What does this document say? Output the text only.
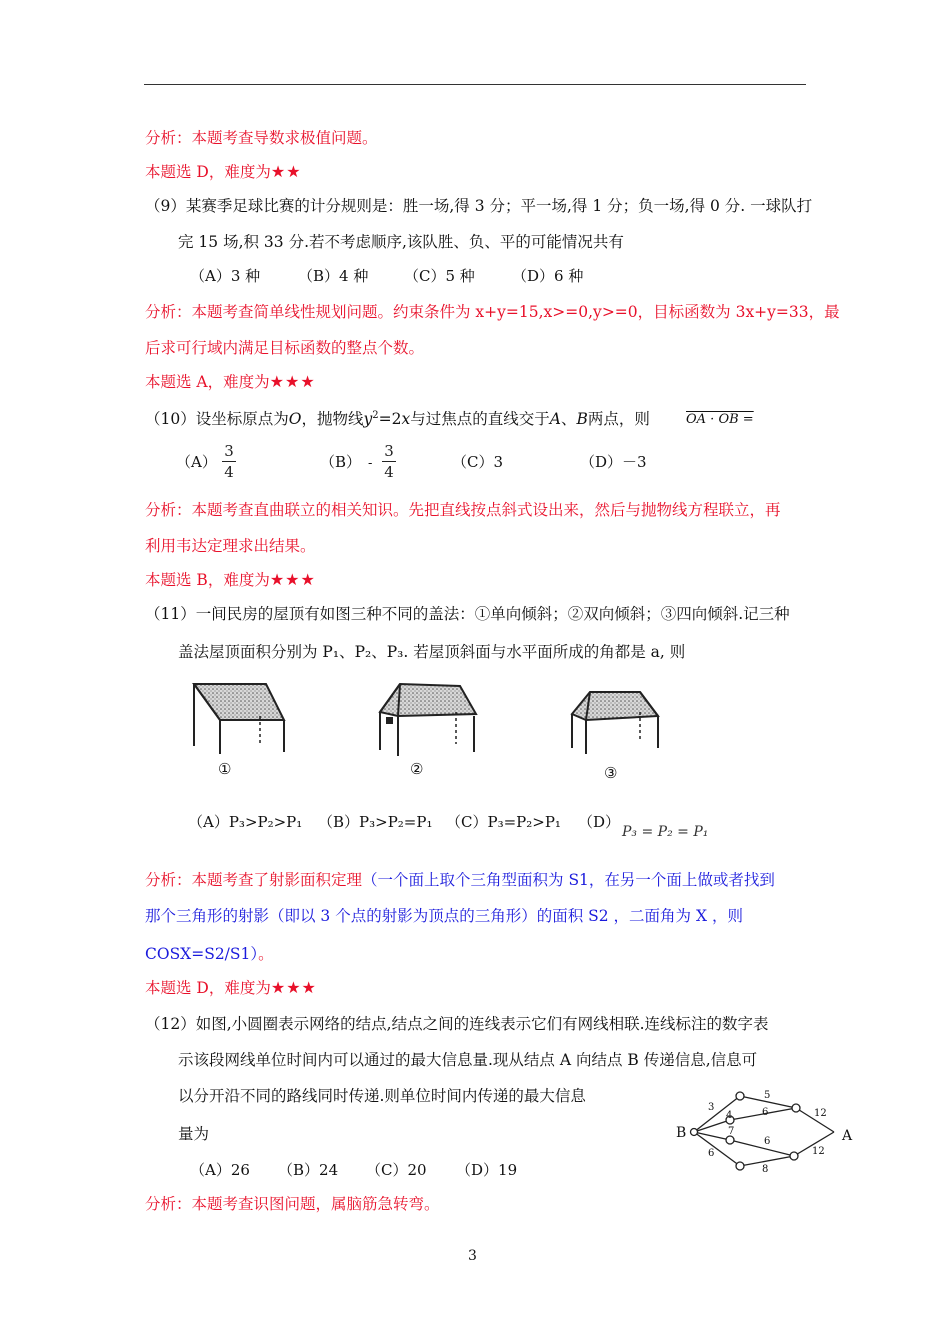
分析：本题考查导数求极值问题。
本题选 D，难度为★★
（9）某赛季足球比赛的计分规则是：胜一场,得 3 分；平一场,得 1 分；负一场,得 0 分. 一球队打
完 15 场,积 33 分.若不考虑顺序,该队胜、负、平的可能情况共有
（A）3 种	（B）4 种 （C）5 种 （D）6 种
分析：本题考查简单线性规划问题。约束条件为 x+y=15,x>=0,y>=0，目标函数为 3x+y=33，最
后求可行域内满足目标函数的整点个数。
本题选 A，难度为★★★
（10）设坐标原点为O，抛物线$y^2=2x$与过焦点的直线交于A、B两点，则	OA · OB =
（A）
3
4
（B） -
3
4
（C）3	（D）－3
分析：本题考查直曲联立的相关知识。先把直线按点斜式设出来，然后与抛物线方程联立，再
利用韦达定理求出结果。
本题选 B，难度为★★★
（11）一间民房的屋顶有如图三种不同的盖法：①单向倾斜；②双向倾斜；③四向倾斜.记三种
盖法屋顶面积分别为 P₁、P₂、P₃. 若屋顶斜面与水平面所成的角都是 a, 则
①	②	③
（A）P₃>P₂>P₁ （B）P₃>P₂=P₁ （C）P₃=P₂>P₁ （D）
P₃ = P₂ = P₁
分析：本题考查了射影面积定理（一个面上取个三角型面积为 S1，在另一个面上做或者找到
那个三角形的射影（即以 3 个点的射影为顶点的三角形）的面积 S2 ，二面角为 X ，则
COSX=S2/S1）。
本题选 D，难度为★★★
（12）如图,小圆圈表示网络的结点,结点之间的连线表示它们有网线相联.连线标注的数字表
示该段网线单位时间内可以通过的最大信息量.现从结点 A 向结点 B 传递信息,信息可
以分开沿不同的路线同时传递.则单位时间内传递的最大信息
量为	B	A
3
5
4	6	12
7
6
6
8
12
（A）26 （B）24 （C）20 （D）19
分析：本题考查识图问题，属脑筋急转弯。
3
